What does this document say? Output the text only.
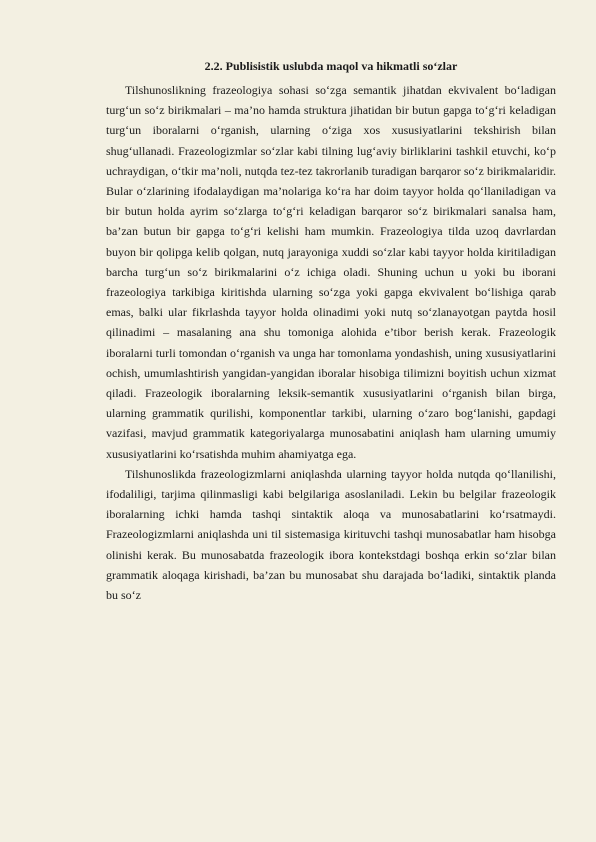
2.2. Publisistik uslubda maqol va hikmatli so‘zlar

Tilshunoslikning frazeologiya sohasi so‘zga semantik jihatdan ekvivalent bo‘ladigan turg‘un so‘z birikmalari – ma’no hamda struktura jihatidan bir butun gapga to‘g‘ri keladigan turg‘un iboralarni o‘rganish, ularning o‘ziga xos xususiyatlarini tekshirish bilan shug‘ullanadi. Frazeologizmlar so‘zlar kabi tilning lug‘aviy birliklarini tashkil etuvchi, ko‘p uchraydigan, o‘tkir ma’noli, nutqda tez-tez takrorlanib turadigan barqaror so‘z birikmalaridir. Bular o‘zlarining ifodalaydigan ma’nolariga ko‘ra har doim tayyor holda qo‘llaniladigan va bir butun holda ayrim so‘zlarga to‘g‘ri keladigan barqaror so‘z birikmalari sanalsa ham, ba’zan butun bir gapga to‘g‘ri kelishi ham mumkin. Frazeologiya tilda uzoq davrlardan buyon bir qolipga kelib qolgan, nutq jarayoniga xuddi so‘zlar kabi tayyor holda kiritiladigan barcha turg‘un so‘z birikmalarini o‘z ichiga oladi. Shuning uchun u yoki bu iborani frazeologiya tarkibiga kiritishda ularning so‘zga yoki gapga ekvivalent bo‘lishiga qarab emas, balki ular fikrlashda tayyor holda olinadimi yoki nutq so‘zlanayotgan paytda hosil qilinadimi – masalaning ana shu tomoniga alohida e’tibor berish kerak. Frazeologik iboralarni turli tomondan o‘rganish va unga har tomonlama yondashish, uning xususiyatlarini ochish, umumlashtirish yangidan-yangidan iboralar hisobiga tilimizni boyitish uchun xizmat qiladi. Frazeologik iboralarning leksik-semantik xususiyatlarini o‘rganish bilan birga, ularning grammatik qurilishi, komponentlar tarkibi, ularning o‘zaro bog‘lanishi, gapdagi vazifasi, mavjud grammatik kategoriyalarga munosabatini aniqlash ham ularning umumiy xususiyatlarini ko‘rsatishda muhim ahamiyatga ega.

Tilshunoslikda frazeologizmlarni aniqlashda ularning tayyor holda nutqda qo‘llanilishi, ifodaliligi, tarjima qilinmasligi kabi belgilariga asoslaniladi. Lekin bu belgilar frazeologik iboralarning ichki hamda tashqi sintaktik aloqa va munosabatlarini ko‘rsatmaydi. Frazeologizmlarni aniqlashda uni til sistemasiga kirituvchi tashqi munosabatlar ham hisobga olinishi kerak. Bu munosabatda frazeologik ibora kontekstdagi boshqa erkin so‘zlar bilan grammatik aloqaga kirishadi, ba’zan bu munosabat shu darajada bo‘ladiki, sintaktik planda bu so‘z
